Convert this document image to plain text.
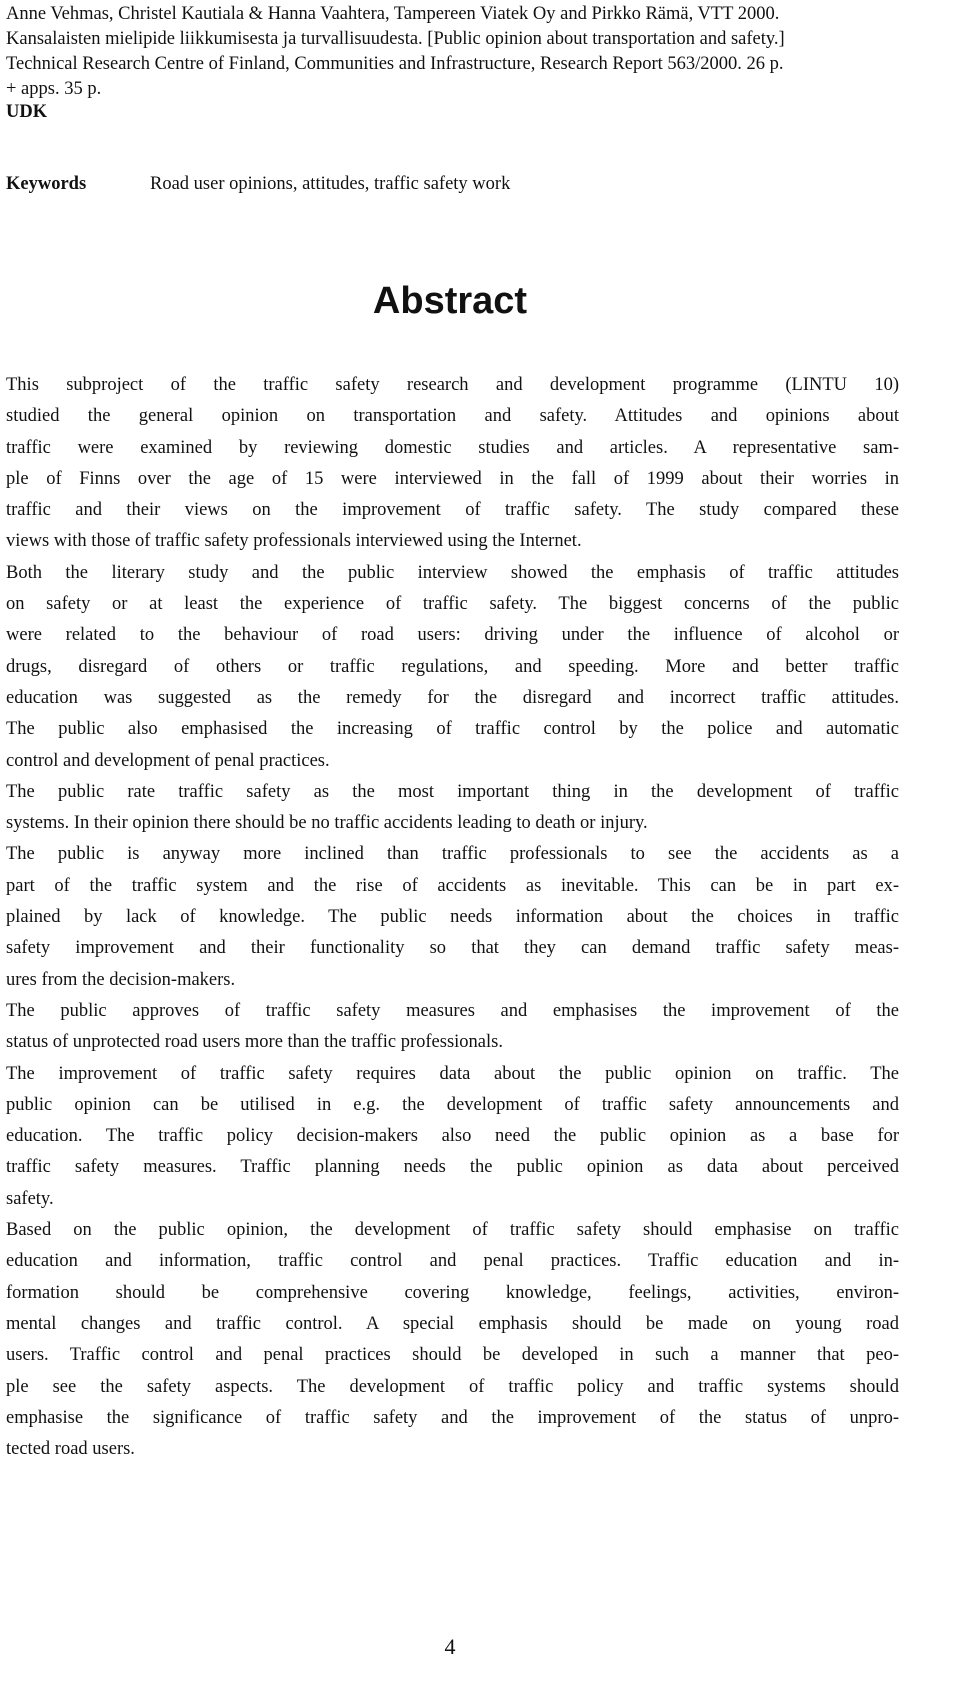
Anne Vehmas, Christel Kautiala & Hanna Vaahtera, Tampereen Viatek Oy and Pirkko Rämä, VTT 2000.
Kansalaisten mielipide liikkumisesta ja turvallisuudesta. [Public opinion about transportation and safety.]
Technical Research Centre of Finland, Communities and Infrastructure, Research Report 563/2000. 26 p.
+ apps. 35 p.
UDK
Keywords	Road user opinions, attitudes, traffic safety work
Abstract
This subproject of the traffic safety research and development programme (LINTU 10)
studied the general opinion on transportation and safety. Attitudes and opinions about
traffic were examined by reviewing domestic studies and articles. A representative sam-
ple of Finns over the age of 15 were interviewed in the fall of 1999 about their worries in
traffic and their views on the improvement of traffic safety. The study compared these
views with those of traffic safety professionals interviewed using the Internet.
Both the literary study and the public interview showed the emphasis of traffic attitudes
on safety or at least the experience of traffic safety. The biggest concerns of the public
were related to the behaviour of road users: driving under the influence of alcohol or
drugs, disregard of others or traffic regulations, and speeding. More and better traffic
education was suggested as the remedy for the disregard and incorrect traffic attitudes.
The public also emphasised the increasing of traffic control by the police and automatic
control and development of penal practices.
The public rate traffic safety as the most important thing in the development of traffic
systems. In their opinion there should be no traffic accidents leading to death or injury.
The public is anyway more inclined than traffic professionals to see the accidents as a
part of the traffic system and the rise of accidents as inevitable. This can be in part ex-
plained by lack of knowledge. The public needs information about the choices in traffic
safety improvement and their functionality so that they can demand traffic safety meas-
ures from the decision-makers.
The public approves of traffic safety measures and emphasises the improvement of the
status of unprotected road users more than the traffic professionals.
The improvement of traffic safety requires data about the public opinion on traffic. The
public opinion can be utilised in e.g. the development of traffic safety announcements and
education. The traffic policy decision-makers also need the public opinion as a base for
traffic safety measures. Traffic planning needs the public opinion as data about perceived
safety.
Based on the public opinion, the development of traffic safety should emphasise on traffic
education and information, traffic control and penal practices. Traffic education and in-
formation should be comprehensive covering knowledge, feelings, activities, environ-
mental changes and traffic control. A special emphasis should be made on young road
users. Traffic control and penal practices should be developed in such a manner that peo-
ple see the safety aspects. The development of traffic policy and traffic systems should
emphasise the significance of traffic safety and the improvement of the status of unpro-
tected road users.
4
